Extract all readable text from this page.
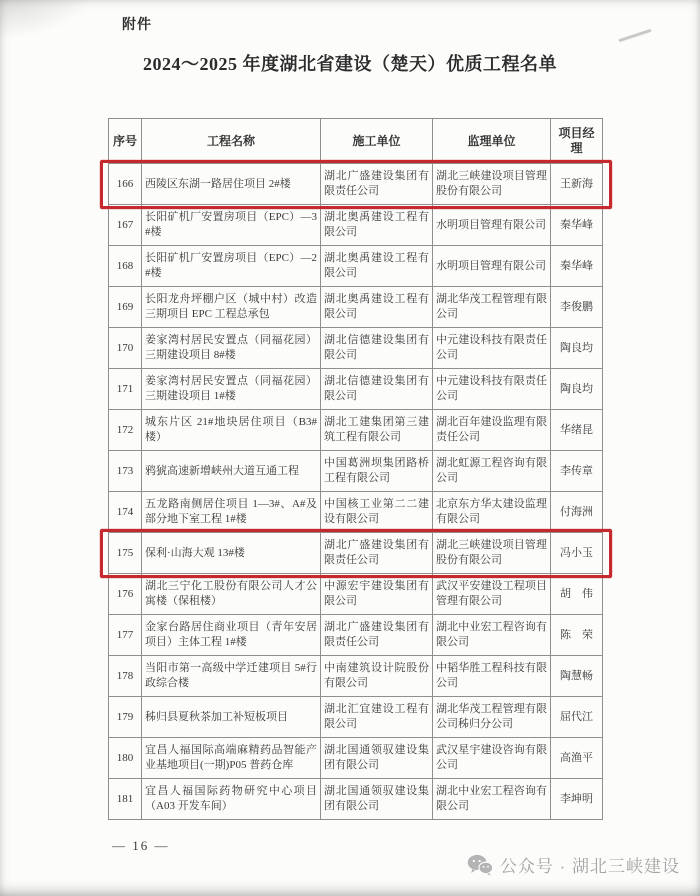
附件
2024～2025 年度湖北省建设（楚天）优质工程名单
序号	工程名称	施工单位	监理单位	项目经理
166	西陵区东湖一路居住项目 2#楼	湖北广盛建设集团有限责任公司	湖北三峡建设项目管理股份有限公司	王新海
167	长阳矿机厂安置房项目（EPC）—3#楼	湖北奥禹建设工程有限公司	水明项目管理有限公司	秦华峰
168	长阳矿机厂安置房项目（EPC）—2#楼	湖北奥禹建设工程有限公司	水明项目管理有限公司	秦华峰
169	长阳龙舟坪棚户区（城中村）改造三期项目 EPC 工程总承包	湖北奥禹建设工程有限公司	湖北华茂工程管理有限公司	李俊鹏
170	姜家湾村居民安置点（同福花园）三期建设项目 8#楼	湖北信德建设集团有限公司	中元建设科技有限责任公司	陶良均
171	姜家湾村居民安置点（同福花园）三期建设项目 1#楼	湖北信德建设集团有限公司	中元建设科技有限责任公司	陶良均
172	城东片区 21#地块居住项目（B3#楼）	湖北工建集团第三建筑工程有限公司	湖北百年建设监理有限责任公司	华绪昆
173	鸦猇高速新增峡州大道互通工程	中国葛洲坝集团路桥工程有限公司	湖北虹源工程咨询有限公司	李传章
174	五龙路南侧居住项目 1—3#、A#及部分地下室工程 1#楼	中国核工业第二二建设有限公司	北京东方华太建设监理有限公司	付海洲
175	保利·山海大观 13#楼	湖北广盛建设集团有限责任公司	湖北三峡建设项目管理股份有限公司	冯小玉
176	湖北三宁化工股份有限公司人才公寓楼（保租楼）	中源宏宇建设集团有限公司	武汉平安建设工程项目管理有限公司	胡　伟
177	金家台路居住商业项目（青年安居项目）主体工程 1#楼	湖北广盛建设集团有限责任公司	湖北中业宏工程咨询有限公司	陈　荣
178	当阳市第一高级中学迁建项目 5#行政综合楼	中南建筑设计院股份有限公司	中韬华胜工程科技有限公司	陶慧畅
179	秭归县夏秋茶加工补短板项目	湖北汇宜建设工程有限公司	湖北华茂工程管理有限公司秭归分公司	屈代江
180	宜昌人福国际高端麻精药品智能产业基地项目(一期)P05 普药仓库	湖北国通领驭建设集团有限公司	武汉星宇建设咨询有限公司	高渔平
181	宜昌人福国际药物研究中心项目（A03 开发车间）	湖北国通领驭建设集团有限公司	湖北中业宏工程咨询有限公司	李坤明
— 16 —
公众号 · 湖北三峡建设
